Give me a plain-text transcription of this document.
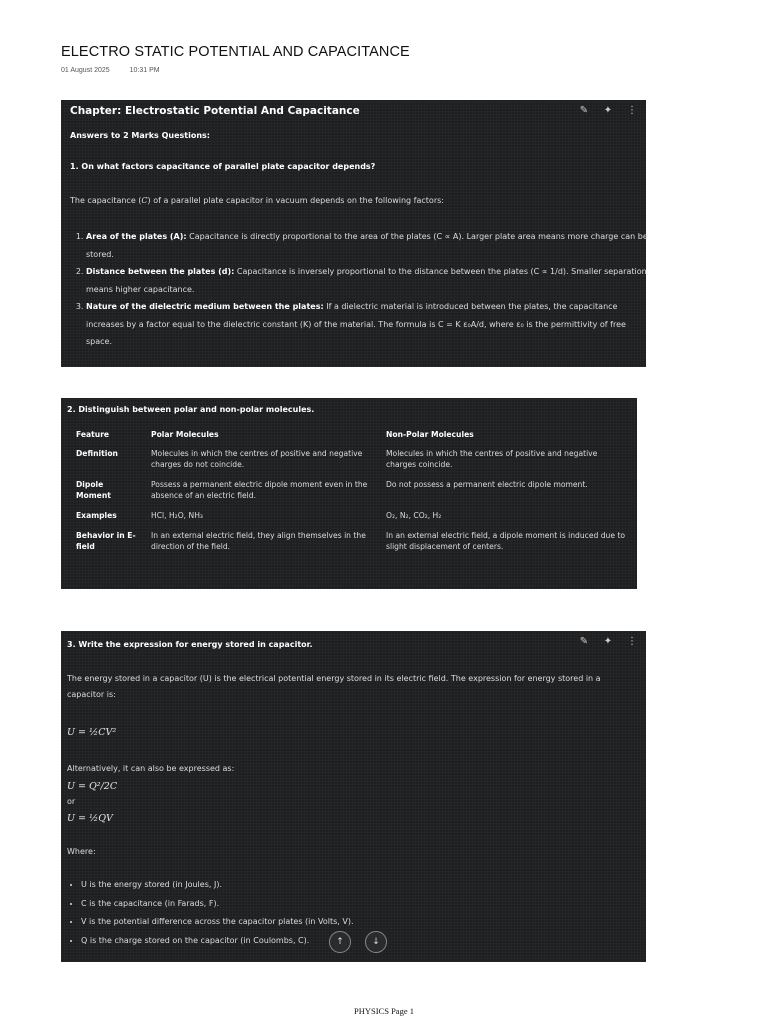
ELECTRO STATIC POTENTIAL AND CAPACITANCE
01 August 2025	10:31 PM
Chapter: Electrostatic Potential And Capacitance	✎ ✦ ⋮
Answers to 2 Marks Questions:
1. On what factors capacitance of parallel plate capacitor depends?
The capacitance (C) of a parallel plate capacitor in vacuum depends on the following factors:
1. Area of the plates (A): Capacitance is directly proportional to the area of the plates (C ∝ A). Larger plate area means more charge can be stored.
2. Distance between the plates (d): Capacitance is inversely proportional to the distance between the plates (C ∝ 1/d). Smaller separation means higher capacitance.
3. Nature of the dielectric medium between the plates: If a dielectric material is introduced between the plates, the capacitance increases by a factor equal to the dielectric constant (K) of the material. The formula is C = K ε₀A/d, where ε₀ is the permittivity of free space.
2. Distinguish between polar and non-polar molecules.
Feature	Polar Molecules	Non-Polar Molecules
Definition	Molecules in which the centres of positive and negative charges do not coincide.	Molecules in which the centres of positive and negative charges coincide.
Dipole Moment	Possess a permanent electric dipole moment even in the absence of an electric field.	Do not possess a permanent electric dipole moment.
Examples	HCl, H₂O, NH₃	O₂, N₂, CO₂, H₂
Behavior in E-field	In an external electric field, they align themselves in the direction of the field.	In an external electric field, a dipole moment is induced due to slight displacement of centers.
3. Write the expression for energy stored in capacitor.	✎ ✦ ⋮
The energy stored in a capacitor (U) is the electrical potential energy stored in its electric field. The expression for energy stored in a capacitor is:
U = ½CV²
Alternatively, it can also be expressed as:
U = Q²/2C
or
U = ½QV
Where:
• U is the energy stored (in Joules, J).
• C is the capacitance (in Farads, F).
• V is the potential difference across the capacitor plates (in Volts, V).
• Q is the charge stored on the capacitor (in Coulombs, C).	↑	↓
PHYSICS Page 1
